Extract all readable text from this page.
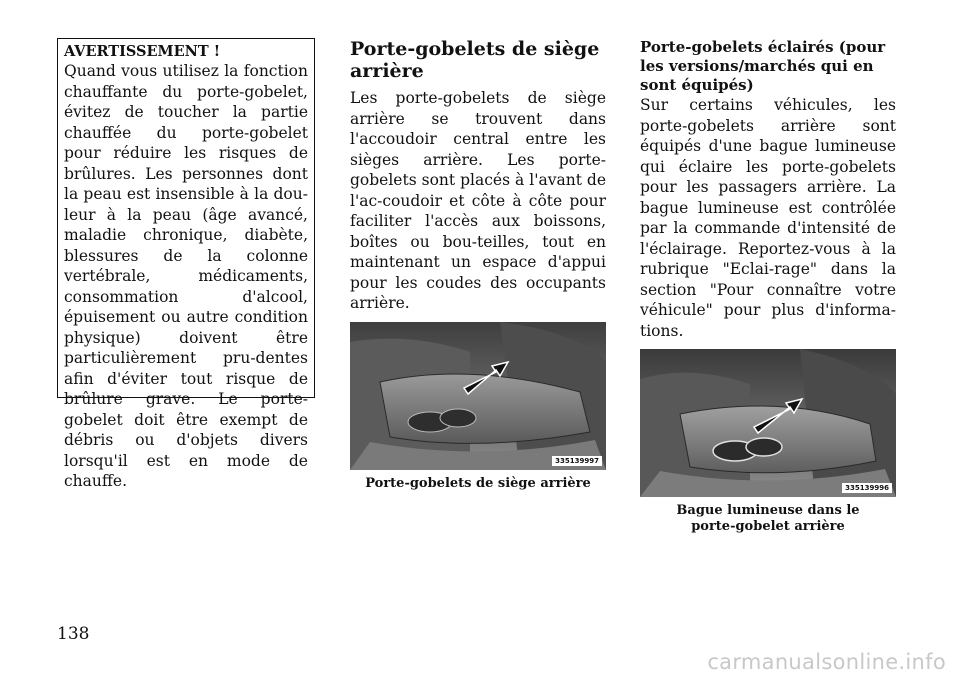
AVERTISSEMENT !
Quand vous utilisez la fonction chauffante du porte-gobelet, évitez de toucher la partie chauffée du porte-gobelet pour réduire les risques de brûlures. Les personnes dont la peau est insensible à la dou-leur à la peau (âge avancé, maladie chronique, diabète, blessures de la colonne vertébrale, médicaments, consommation d'alcool, épuisement ou autre condition physique) doivent être particulièrement pru-dentes afin d'éviter tout risque de brûlure grave. Le porte-gobelet doit être exempt de débris ou d'objets divers lorsqu'il est en mode de chauffe.
Porte-gobelets de siège arrière

Les porte-gobelets de siège arrière se trouvent dans l'accoudoir central entre les sièges arrière. Les porte-gobelets sont placés à l'avant de l'ac-coudoir et côte à côte pour faciliter l'accès aux boissons, boîtes ou bou-teilles, tout en maintenant un espace d'appui pour les coudes des occupants arrière.

335139997
Porte-gobelets de siège arrière
Porte-gobelets éclairés (pour les versions/marchés qui en sont équipés)

Sur certains véhicules, les porte-gobelets arrière sont équipés d'une bague lumineuse qui éclaire les porte-gobelets pour les passagers arrière. La bague lumineuse est contrôlée par la commande d'intensité de l'éclairage. Reportez-vous à la rubrique "Eclai-rage" dans la section "Pour connaître votre véhicule" pour plus d'informa-tions.

335139996
Bague lumineuse dans le
porte-gobelet arrière
138
carmanualsonline.info
